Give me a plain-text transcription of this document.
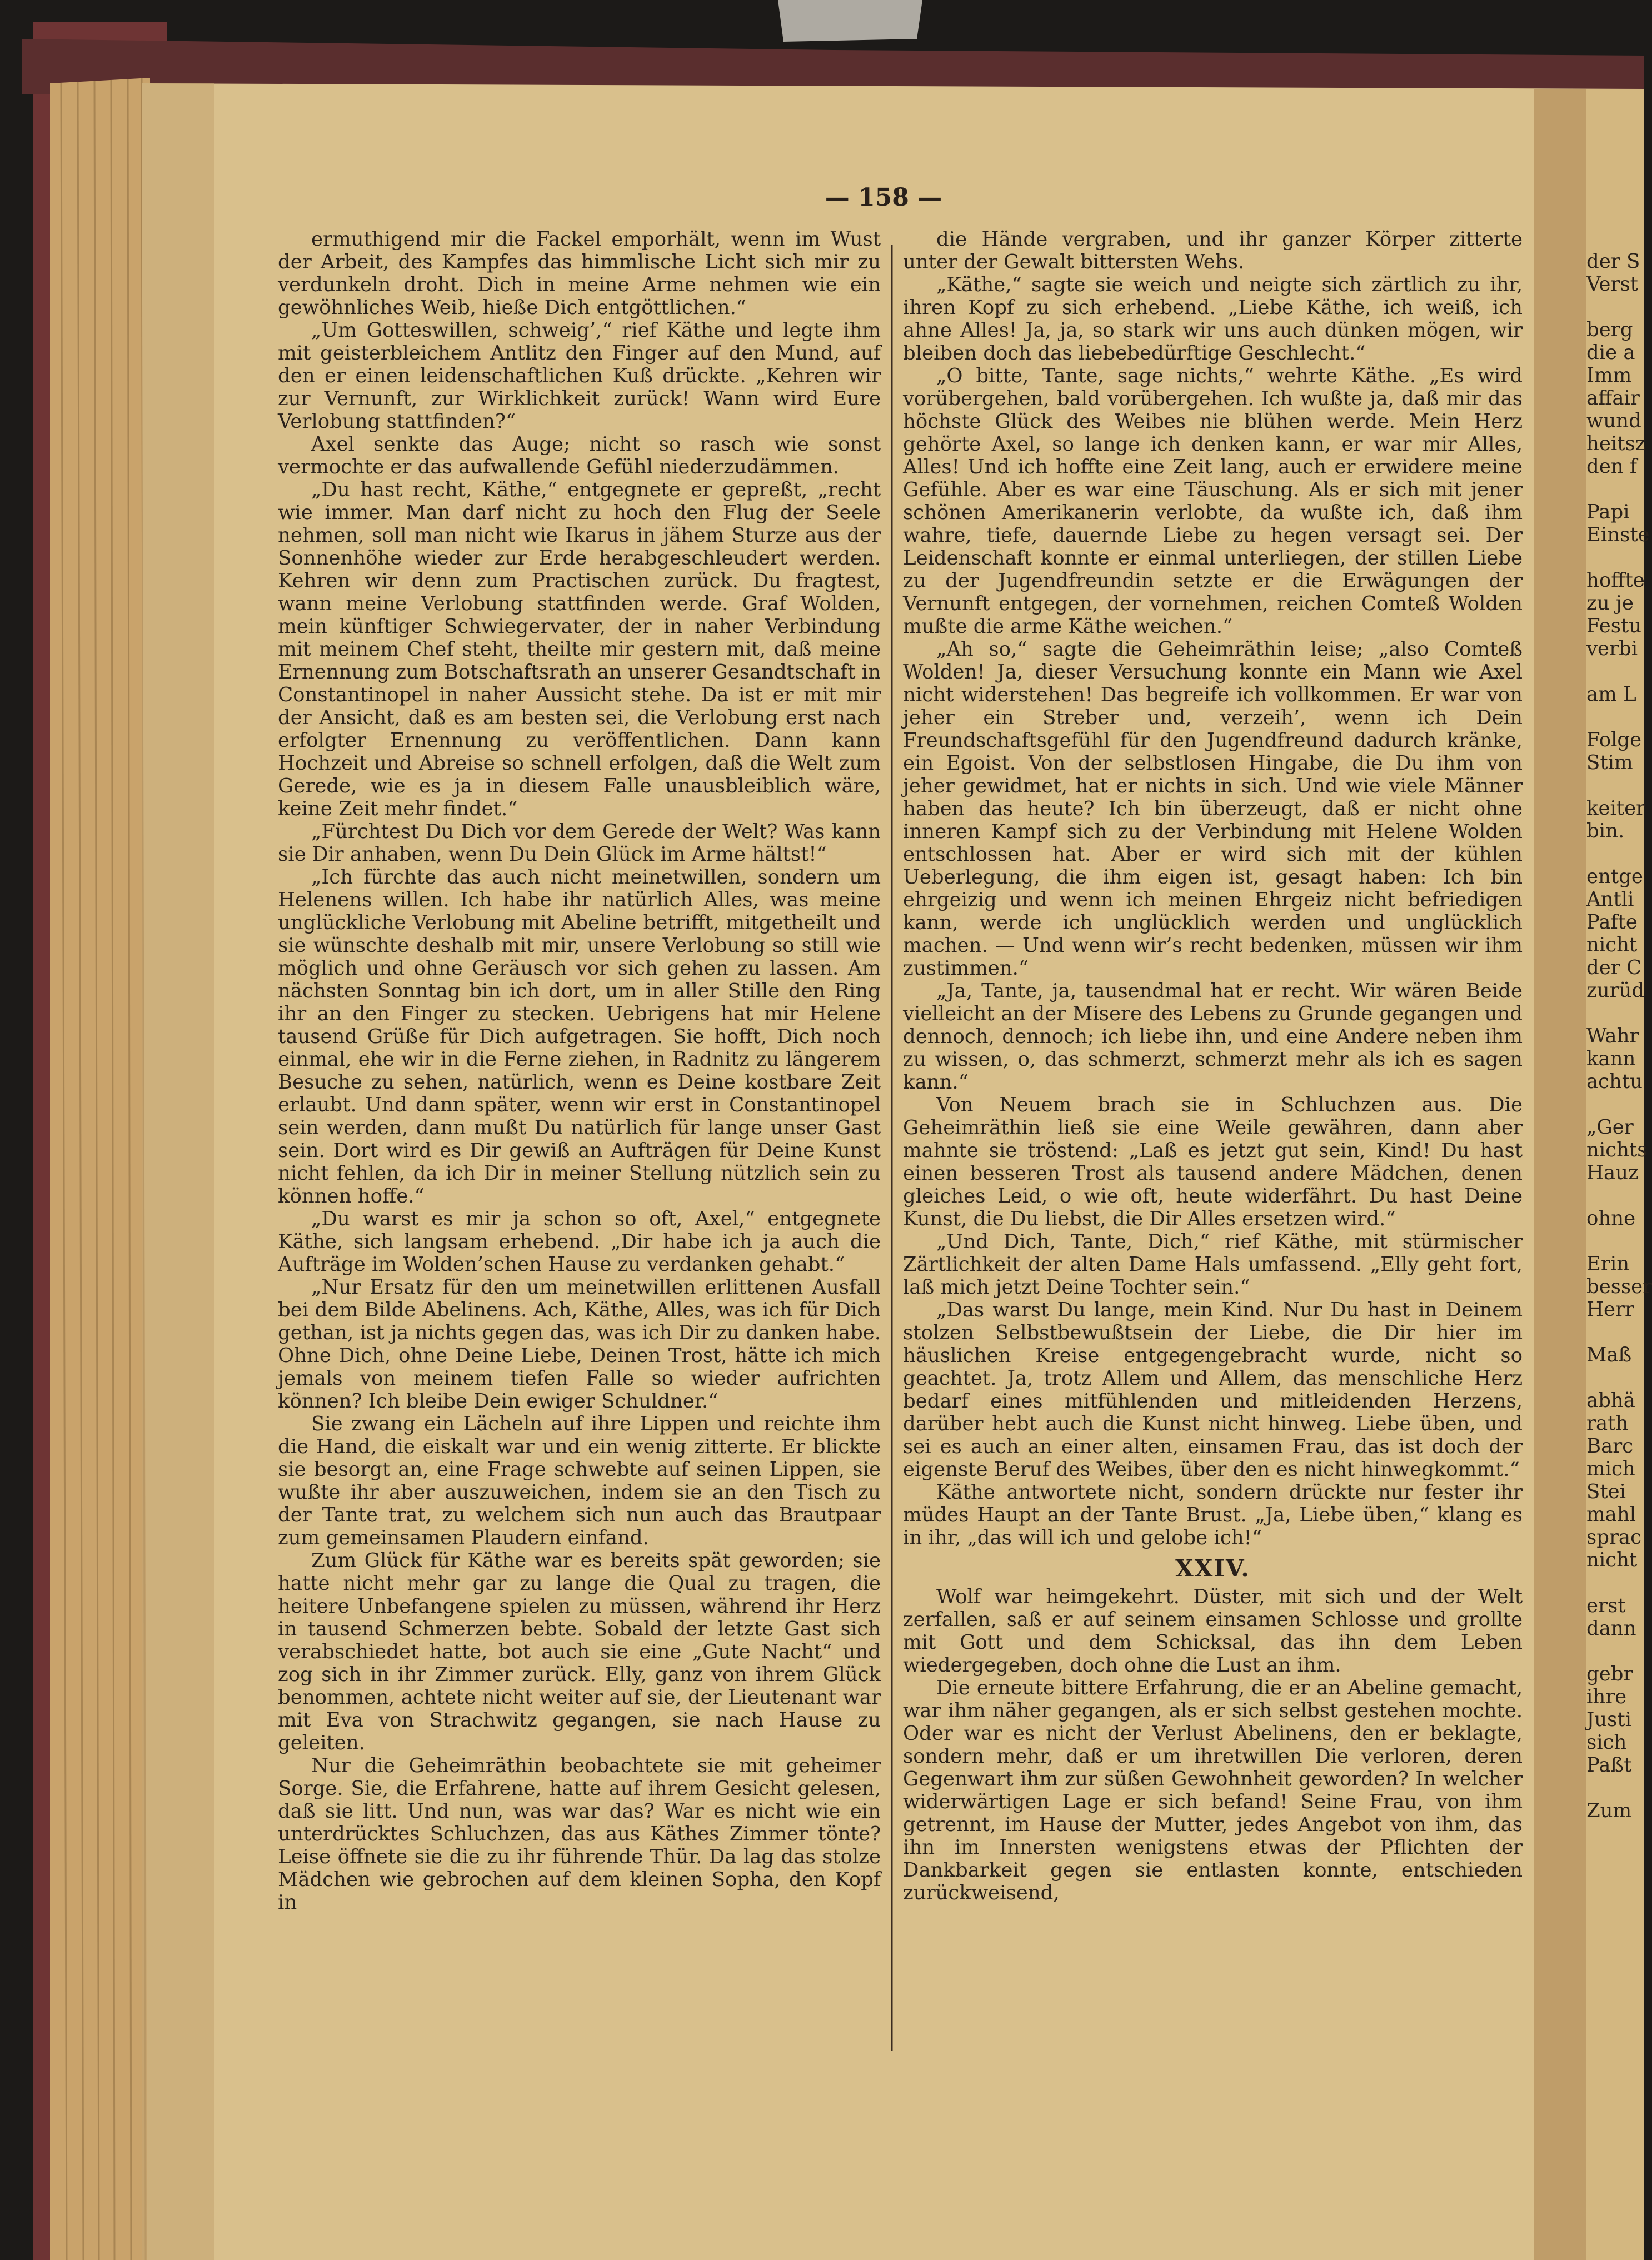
— 158 —

ermuthigend mir die Fackel emporhält, wenn im Wust der Arbeit, des Kampfes das himmlische Licht sich mir zu verdunkeln droht. Dich in meine Arme nehmen wie ein gewöhnliches Weib, hieße Dich entgöttlichen.“

„Um Gotteswillen, schweig’,“ rief Käthe und legte ihm mit geisterbleichem Antlitz den Finger auf den Mund, auf den er einen leidenschaftlichen Kuß drückte. „Kehren wir zur Vernunft, zur Wirklichkeit zurück! Wann wird Eure Verlobung stattfinden?“

Axel senkte das Auge; nicht so rasch wie sonst vermochte er das aufwallende Gefühl niederzudämmen.

„Du hast recht, Käthe,“ entgegnete er gepreßt, „recht wie immer. Man darf nicht zu hoch den Flug der Seele nehmen, soll man nicht wie Ikarus in jähem Sturze aus der Sonnenhöhe wieder zur Erde herabgeschleudert werden. Kehren wir denn zum Practischen zurück. Du fragtest, wann meine Verlobung stattfinden werde. Graf Wolden, mein künftiger Schwiegervater, der in naher Verbindung mit meinem Chef steht, theilte mir gestern mit, daß meine Ernennung zum Botschaftsrath an unserer Gesandtschaft in Constantinopel in naher Aussicht stehe. Da ist er mit mir der Ansicht, daß es am besten sei, die Verlobung erst nach erfolgter Ernennung zu veröffentlichen. Dann kann Hochzeit und Abreise so schnell erfolgen, daß die Welt zum Gerede, wie es ja in diesem Falle unausbleiblich wäre, keine Zeit mehr findet.“

„Fürchtest Du Dich vor dem Gerede der Welt? Was kann sie Dir anhaben, wenn Du Dein Glück im Arme hältst!“

„Ich fürchte das auch nicht meinetwillen, sondern um Helenens willen. Ich habe ihr natürlich Alles, was meine unglückliche Verlobung mit Abeline betrifft, mitgetheilt und sie wünschte deshalb mit mir, unsere Verlobung so still wie möglich und ohne Geräusch vor sich gehen zu lassen. Am nächsten Sonntag bin ich dort, um in aller Stille den Ring ihr an den Finger zu stecken. Uebrigens hat mir Helene tausend Grüße für Dich aufgetragen. Sie hofft, Dich noch einmal, ehe wir in die Ferne ziehen, in Radnitz zu längerem Besuche zu sehen, natürlich, wenn es Deine kostbare Zeit erlaubt. Und dann später, wenn wir erst in Constantinopel sein werden, dann mußt Du natürlich für lange unser Gast sein. Dort wird es Dir gewiß an Aufträgen für Deine Kunst nicht fehlen, da ich Dir in meiner Stellung nützlich sein zu können hoffe.“

„Du warst es mir ja schon so oft, Axel,“ entgegnete Käthe, sich langsam erhebend. „Dir habe ich ja auch die Aufträge im Wolden’schen Hause zu verdanken gehabt.“

„Nur Ersatz für den um meinetwillen erlittenen Ausfall bei dem Bilde Abelinens. Ach, Käthe, Alles, was ich für Dich gethan, ist ja nichts gegen das, was ich Dir zu danken habe. Ohne Dich, ohne Deine Liebe, Deinen Trost, hätte ich mich jemals von meinem tiefen Falle so wieder aufrichten können? Ich bleibe Dein ewiger Schuldner.“

Sie zwang ein Lächeln auf ihre Lippen und reichte ihm die Hand, die eiskalt war und ein wenig zitterte. Er blickte sie besorgt an, eine Frage schwebte auf seinen Lippen, sie wußte ihr aber auszuweichen, indem sie an den Tisch zu der Tante trat, zu welchem sich nun auch das Brautpaar zum gemeinsamen Plaudern einfand.

Zum Glück für Käthe war es bereits spät geworden; sie hatte nicht mehr gar zu lange die Qual zu tragen, die heitere Unbefangene spielen zu müssen, während ihr Herz in tausend Schmerzen bebte. Sobald der letzte Gast sich verabschiedet hatte, bot auch sie eine „Gute Nacht“ und zog sich in ihr Zimmer zurück. Elly, ganz von ihrem Glück benommen, achtete nicht weiter auf sie, der Lieutenant war mit Eva von Strachwitz gegangen, sie nach Hause zu geleiten.

Nur die Geheimräthin beobachtete sie mit geheimer Sorge. Sie, die Erfahrene, hatte auf ihrem Gesicht gelesen, daß sie litt. Und nun, was war das? War es nicht wie ein unterdrücktes Schluchzen, das aus Käthes Zimmer tönte? Leise öffnete sie die zu ihr führende Thür. Da lag das stolze Mädchen wie gebrochen auf dem kleinen Sopha, den Kopf in

die Hände vergraben, und ihr ganzer Körper zitterte unter der Gewalt bittersten Wehs.

„Käthe,“ sagte sie weich und neigte sich zärtlich zu ihr, ihren Kopf zu sich erhebend. „Liebe Käthe, ich weiß, ich ahne Alles! Ja, ja, so stark wir uns auch dünken mögen, wir bleiben doch das liebebedürftige Geschlecht.“

„O bitte, Tante, sage nichts,“ wehrte Käthe. „Es wird vorübergehen, bald vorübergehen. Ich wußte ja, daß mir das höchste Glück des Weibes nie blühen werde. Mein Herz gehörte Axel, so lange ich denken kann, er war mir Alles, Alles! Und ich hoffte eine Zeit lang, auch er erwidere meine Gefühle. Aber es war eine Täuschung. Als er sich mit jener schönen Amerikanerin verlobte, da wußte ich, daß ihm wahre, tiefe, dauernde Liebe zu hegen versagt sei. Der Leidenschaft konnte er einmal unterliegen, der stillen Liebe zu der Jugendfreundin setzte er die Erwägungen der Vernunft entgegen, der vornehmen, reichen Comteß Wolden mußte die arme Käthe weichen.“

„Ah so,“ sagte die Geheimräthin leise; „also Comteß Wolden! Ja, dieser Versuchung konnte ein Mann wie Axel nicht widerstehen! Das begreife ich vollkommen. Er war von jeher ein Streber und, verzeih’, wenn ich Dein Freundschaftsgefühl für den Jugendfreund dadurch kränke, ein Egoist. Von der selbstlosen Hingabe, die Du ihm von jeher gewidmet, hat er nichts in sich. Und wie viele Männer haben das heute? Ich bin überzeugt, daß er nicht ohne inneren Kampf sich zu der Verbindung mit Helene Wolden entschlossen hat. Aber er wird sich mit der kühlen Ueberlegung, die ihm eigen ist, gesagt haben: Ich bin ehrgeizig und wenn ich meinen Ehrgeiz nicht befriedigen kann, werde ich unglücklich werden und unglücklich machen. — Und wenn wir’s recht bedenken, müssen wir ihm zustimmen.“

„Ja, Tante, ja, tausendmal hat er recht. Wir wären Beide vielleicht an der Misere des Lebens zu Grunde gegangen und dennoch, dennoch; ich liebe ihn, und eine Andere neben ihm zu wissen, o, das schmerzt, schmerzt mehr als ich es sagen kann.“

Von Neuem brach sie in Schluchzen aus. Die Geheimräthin ließ sie eine Weile gewähren, dann aber mahnte sie tröstend: „Laß es jetzt gut sein, Kind! Du hast einen besseren Trost als tausend andere Mädchen, denen gleiches Leid, o wie oft, heute widerfährt. Du hast Deine Kunst, die Du liebst, die Dir Alles ersetzen wird.“

„Und Dich, Tante, Dich,“ rief Käthe, mit stürmischer Zärtlichkeit der alten Dame Hals umfassend. „Elly geht fort, laß mich jetzt Deine Tochter sein.“

„Das warst Du lange, mein Kind. Nur Du hast in Deinem stolzen Selbstbewußtsein der Liebe, die Dir hier im häuslichen Kreise entgegengebracht wurde, nicht so geachtet. Ja, trotz Allem und Allem, das menschliche Herz bedarf eines mitfühlenden und mitleidenden Herzens, darüber hebt auch die Kunst nicht hinweg. Liebe üben, und sei es auch an einer alten, einsamen Frau, das ist doch der eigenste Beruf des Weibes, über den es nicht hinwegkommt.“

Käthe antwortete nicht, sondern drückte nur fester ihr müdes Haupt an der Tante Brust. „Ja, Liebe üben,“ klang es in ihr, „das will ich und gelobe ich!“

XXIV.

Wolf war heimgekehrt. Düster, mit sich und der Welt zerfallen, saß er auf seinem einsamen Schlosse und grollte mit Gott und dem Schicksal, das ihn dem Leben wiedergegeben, doch ohne die Lust an ihm.

Die erneute bittere Erfahrung, die er an Abeline gemacht, war ihm näher gegangen, als er sich selbst gestehen mochte. Oder war es nicht der Verlust Abelinens, den er beklagte, sondern mehr, daß er um ihretwillen Die verloren, deren Gegenwart ihm zur süßen Gewohnheit geworden? In welcher widerwärtigen Lage er sich befand! Seine Frau, von ihm getrennt, im Hause der Mutter, jedes Angebot von ihm, das ihn im Innersten wenigstens etwas der Pflichten der Dankbarkeit gegen sie entlasten konnte, entschieden zurückweisend,

der S
Verst

berg
die a
Imm
affair
wund
heitsz
den f

Papi
Einste

hoffte
zu je
Festu
verbi

am L

Folge
Stim

keiter
bin.

entge
Antli
Pafte
nicht
der C
zurüd

Wahr
kann
achtu

„Ger
nichts
Hauz

ohne

Erin
besser
Herr

Maß

abhä
rath
Barc
mich
Stei
mahl
sprac
nicht

erst
dann

gebr
ihre
Justi
sich
Paßt

Zum
